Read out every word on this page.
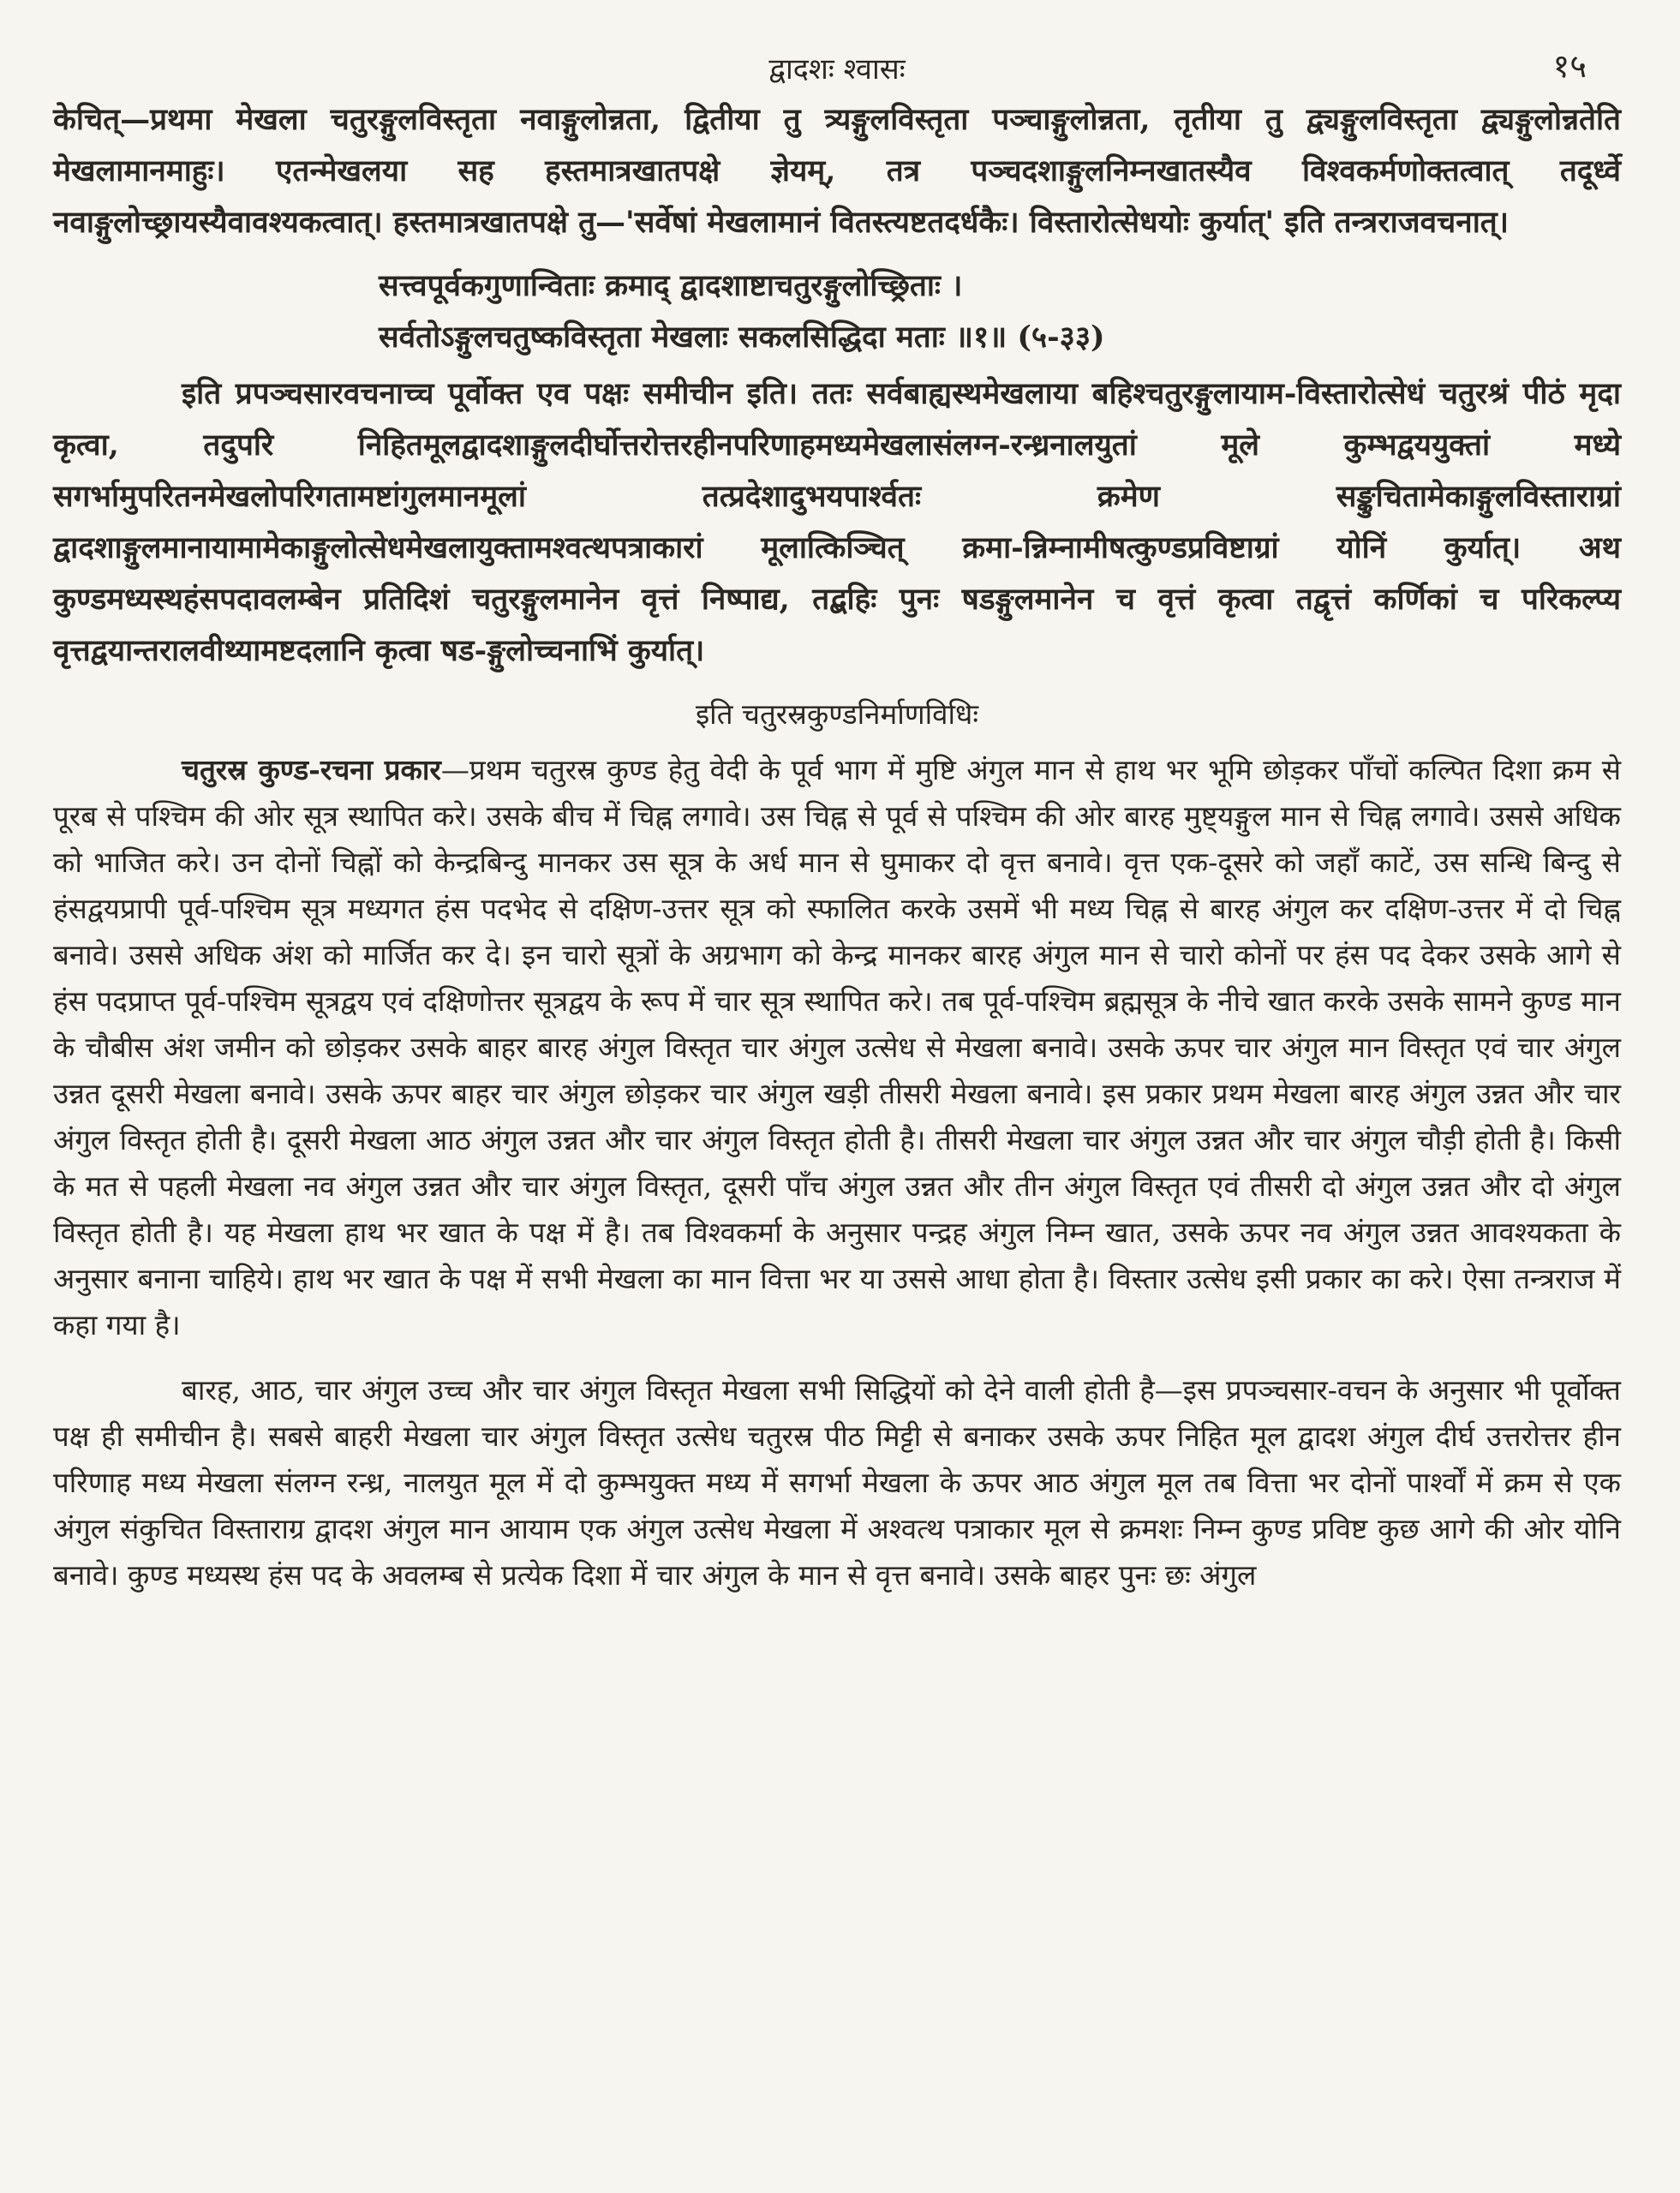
द्वादशः श्वासः	१५

केचित्—प्रथमा मेखला चतुरङ्गुलविस्तृता नवाङ्गुलोन्नता, द्वितीया तु त्र्यङ्गुलविस्तृता पञ्चाङ्गुलोन्नता, तृतीया तु द्व्यङ्गुलविस्तृता द्व्यङ्गुलोन्नतेति मेखलामानमाहुः। एतन्मेखलया सह हस्तमात्रखातपक्षे ज्ञेयम्, तत्र पञ्चदशाङ्गुलनिम्नखातस्यैव विश्वकर्मणोक्तत्वात् तदूर्ध्वे नवाङ्गुलोच्छ्रायस्यैवावश्यकत्वात्। हस्तमात्रखातपक्षे तु—'सर्वेषां मेखलामानं वितस्त्यष्टतदर्धकैः। विस्तारोत्सेधयोः कुर्यात्' इति तन्त्रराजवचनात्।

सत्त्वपूर्वकगुणान्विताः क्रमाद् द्वादशाष्टाचतुरङ्गुलोच्छ्रिताः ।
सर्वतोऽङ्गुलचतुष्कविस्तृता मेखलाः सकलसिद्धिदा मताः ॥१॥ (५-३३)

इति प्रपञ्चसारवचनाच्च पूर्वोक्त एव पक्षः समीचीन इति। ततः सर्वबाह्यस्थमेखलाया बहिश्चतुरङ्गुलायाम-विस्तारोत्सेधं चतुरश्रं पीठं मृदा कृत्वा, तदुपरि निहितमूलद्वादशाङ्गुलदीर्घोत्तरोत्तरहीनपरिणाहमध्यमेखलासंलग्न-रन्ध्रनालयुतां मूले कुम्भद्वययुक्तां मध्ये सगर्भामुपरितनमेखलोपरिगतामष्टांगुलमानमूलां तत्प्रदेशादुभयपार्श्वतः क्रमेण सङ्कुचितामेकाङ्गुलविस्ताराग्रां द्वादशाङ्गुलमानायामामेकाङ्गुलोत्सेधमेखलायुक्तामश्वत्थपत्राकारां मूलात्किञ्चित् क्रमा-न्निम्नामीषत्कुण्डप्रविष्टाग्रां योनिं कुर्यात्। अथ कुण्डमध्यस्थहंसपदावलम्बेन प्रतिदिशं चतुरङ्गुलमानेन वृत्तं निष्पाद्य, तद्बहिः पुनः षडङ्गुलमानेन च वृत्तं कृत्वा तद्वृत्तं कर्णिकां च परिकल्प्य वृत्तद्वयान्तरालवीथ्यामष्टदलानि कृत्वा षड-ङ्गुलोच्चनाभिं कुर्यात्।

इति चतुरस्रकुण्डनिर्माणविधिः

चतुरस्र कुण्ड-रचना प्रकार—प्रथम चतुरस्र कुण्ड हेतु वेदी के पूर्व भाग में मुष्टि अंगुल मान से हाथ भर भूमि छोड़कर पाँचों कल्पित दिशा क्रम से पूरब से पश्चिम की ओर सूत्र स्थापित करे। उसके बीच में चिह्न लगावे। उस चिह्न से पूर्व से पश्चिम की ओर बारह मुष्ट्यङ्गुल मान से चिह्न लगावे। उससे अधिक को भाजित करे। उन दोनों चिह्नों को केन्द्रबिन्दु मानकर उस सूत्र के अर्ध मान से घुमाकर दो वृत्त बनावे। वृत्त एक-दूसरे को जहाँ काटें, उस सन्धि बिन्दु से हंसद्वयप्रापी पूर्व-पश्चिम सूत्र मध्यगत हंस पदभेद से दक्षिण-उत्तर सूत्र को स्फालित करके उसमें भी मध्य चिह्न से बारह अंगुल कर दक्षिण-उत्तर में दो चिह्न बनावे। उससे अधिक अंश को मार्जित कर दे। इन चारो सूत्रों के अग्रभाग को केन्द्र मानकर बारह अंगुल मान से चारो कोनों पर हंस पद देकर उसके आगे से हंस पदप्राप्त पूर्व-पश्चिम सूत्रद्वय एवं दक्षिणोत्तर सूत्रद्वय के रूप में चार सूत्र स्थापित करे। तब पूर्व-पश्चिम ब्रह्मसूत्र के नीचे खात करके उसके सामने कुण्ड मान के चौबीस अंश जमीन को छोड़कर उसके बाहर बारह अंगुल विस्तृत चार अंगुल उत्सेध से मेखला बनावे। उसके ऊपर चार अंगुल मान विस्तृत एवं चार अंगुल उन्नत दूसरी मेखला बनावे। उसके ऊपर बाहर चार अंगुल छोड़कर चार अंगुल खड़ी तीसरी मेखला बनावे। इस प्रकार प्रथम मेखला बारह अंगुल उन्नत और चार अंगुल विस्तृत होती है। दूसरी मेखला आठ अंगुल उन्नत और चार अंगुल विस्तृत होती है। तीसरी मेखला चार अंगुल उन्नत और चार अंगुल चौड़ी होती है। किसी के मत से पहली मेखला नव अंगुल उन्नत और चार अंगुल विस्तृत, दूसरी पाँच अंगुल उन्नत और तीन अंगुल विस्तृत एवं तीसरी दो अंगुल उन्नत और दो अंगुल विस्तृत होती है। यह मेखला हाथ भर खात के पक्ष में है। तब विश्वकर्मा के अनुसार पन्द्रह अंगुल निम्न खात, उसके ऊपर नव अंगुल उन्नत आवश्यकता के अनुसार बनाना चाहिये। हाथ भर खात के पक्ष में सभी मेखला का मान वित्ता भर या उससे आधा होता है। विस्तार उत्सेध इसी प्रकार का करे। ऐसा तन्त्रराज में कहा गया है।

बारह, आठ, चार अंगुल उच्च और चार अंगुल विस्तृत मेखला सभी सिद्धियों को देने वाली होती है—इस प्रपञ्चसार-वचन के अनुसार भी पूर्वोक्त पक्ष ही समीचीन है। सबसे बाहरी मेखला चार अंगुल विस्तृत उत्सेध चतुरस्र पीठ मिट्टी से बनाकर उसके ऊपर निहित मूल द्वादश अंगुल दीर्घ उत्तरोत्तर हीन परिणाह मध्य मेखला संलग्न रन्ध्र, नालयुत मूल में दो कुम्भयुक्त मध्य में सगर्भा मेखला के ऊपर आठ अंगुल मूल तब वित्ता भर दोनों पार्श्वों में क्रम से एक अंगुल संकुचित विस्ताराग्र द्वादश अंगुल मान आयाम एक अंगुल उत्सेध मेखला में अश्वत्थ पत्राकार मूल से क्रमशः निम्न कुण्ड प्रविष्ट कुछ आगे की ओर योनि बनावे। कुण्ड मध्यस्थ हंस पद के अवलम्ब से प्रत्येक दिशा में चार अंगुल के मान से वृत्त बनावे। उसके बाहर पुनः छः अंगुल
